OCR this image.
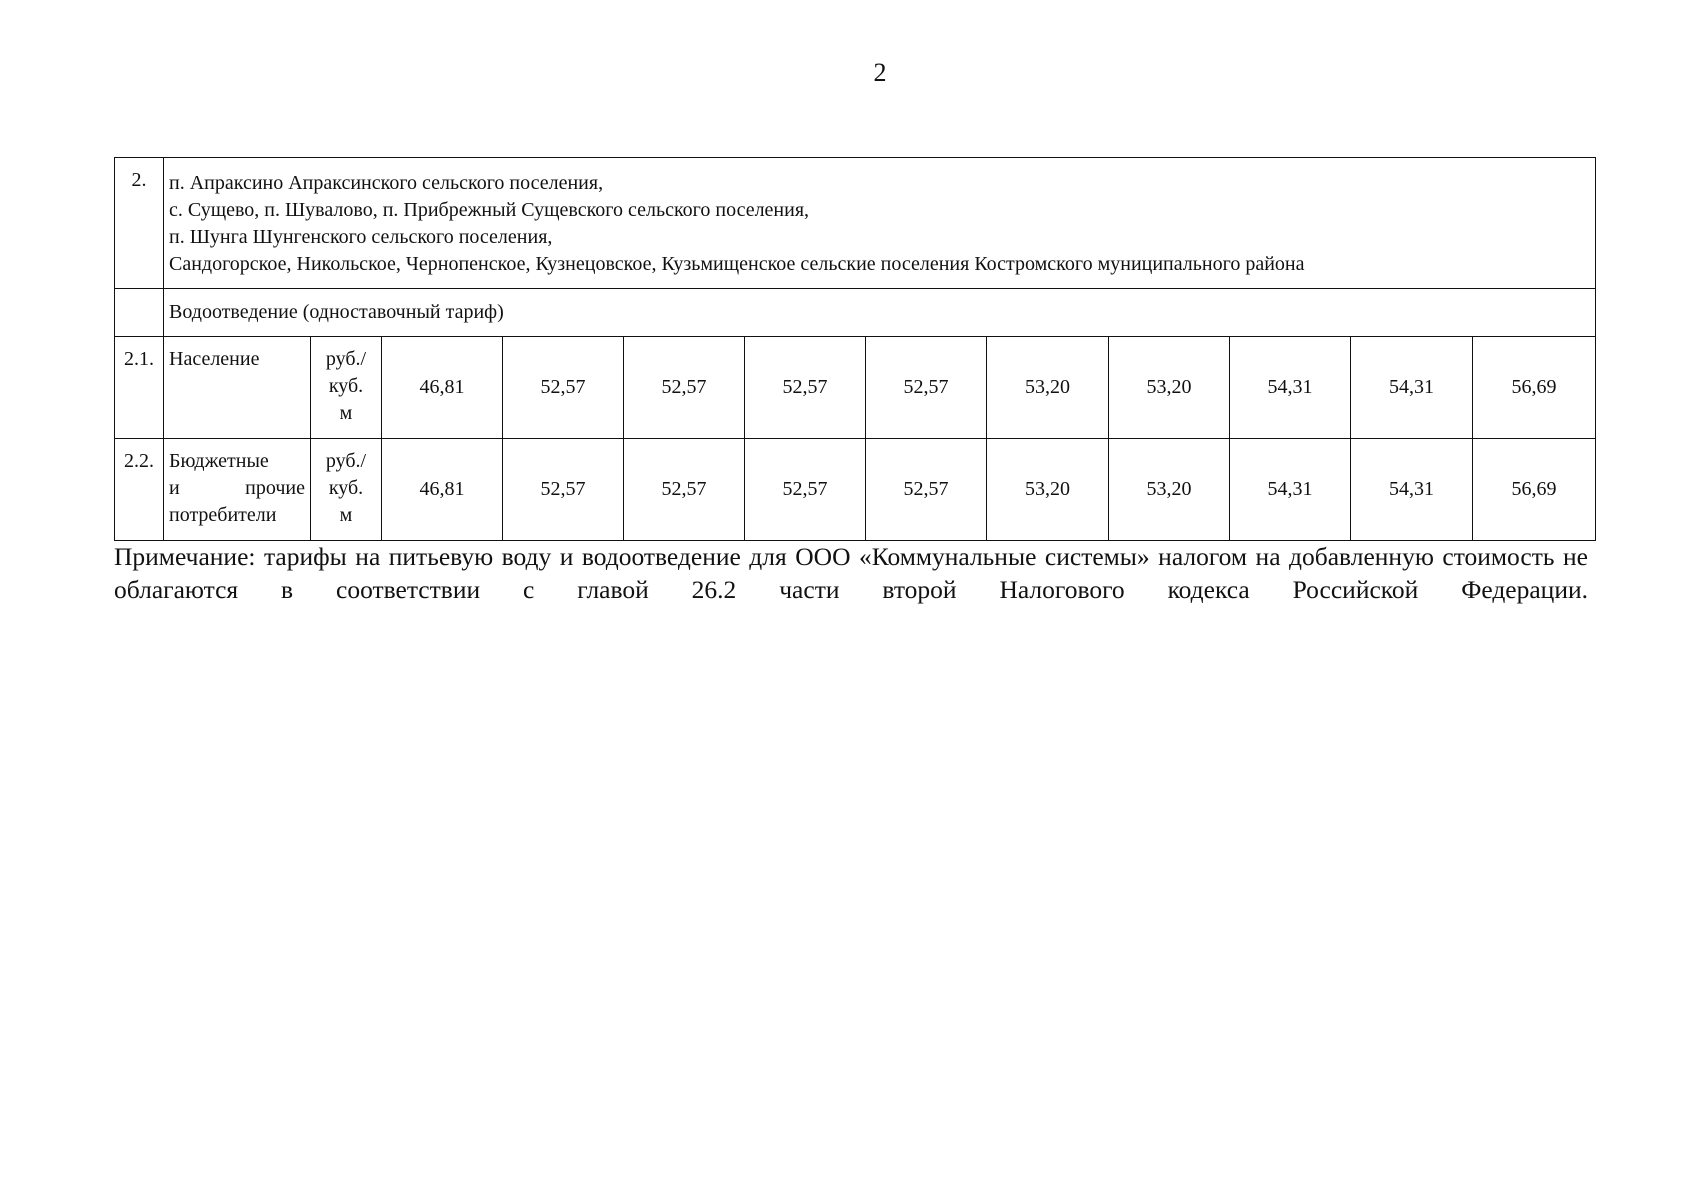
2
2.	п. Апраксино Апраксинского сельского поселения,
с. Сущево, п. Шувалово, п. Прибрежный Сущевского сельского поселения,
п. Шунга Шунгенского сельского поселения,
Сандогорское, Никольское, Чернопенское, Кузнецовское, Кузьмищенское сельские поселения Костромского муниципального района											

	Водоотведение (одноставочный тариф)											
2.1.	Население	руб./
куб.
м	46,81	52,57	52,57	52,57	52,57	53,20	53,20	54,31	54,31	56,69
2.2.	Бюджетные
и прочие
потребители	руб./
куб.
м	46,81	52,57	52,57	52,57	52,57	53,20	53,20	54,31	54,31	56,69
Примечание: тарифы на питьевую воду и водоотведение для ООО «Коммунальные системы» налогом на добавленную стоимость не облагаются в соответствии с главой 26.2 части второй Налогового кодекса Российской Федерации.
